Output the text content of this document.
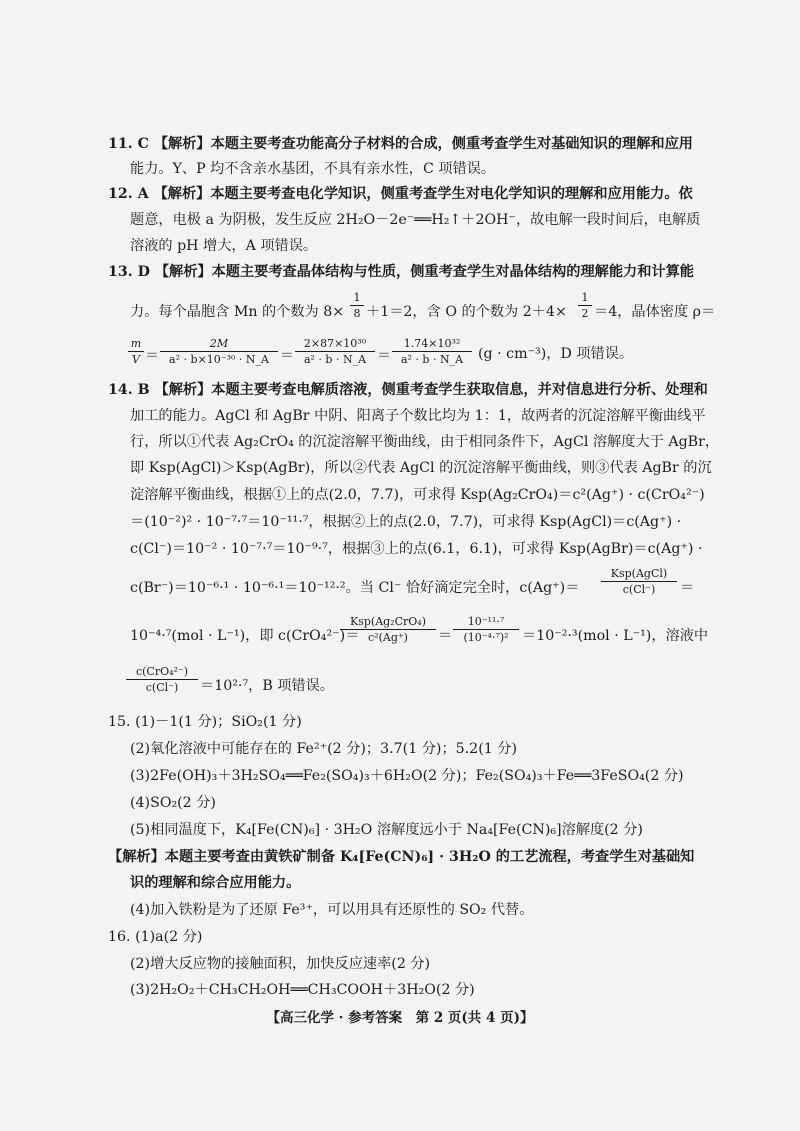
11. C 【解析】本题主要考查功能高分子材料的合成，侧重考查学生对基础知识的理解和应用
能力。Y、P 均不含亲水基团，不具有亲水性，C 项错误。
12. A 【解析】本题主要考查电化学知识，侧重考查学生对电化学知识的理解和应用能力。依
题意，电极 a 为阴极，发生反应 2H₂O－2e⁻══H₂↑＋2OH⁻，故电解一段时间后，电解质
溶液的 pH 增大，A 项错误。
13. D 【解析】本题主要考查晶体结构与性质，侧重考查学生对晶体结构的理解能力和计算能
力。每个晶胞含 Mn 的个数为 $8\times \frac{1}{8} +1=2$，含 O 的个数为 $2+4\times \frac{1}{2} =4$，晶体密度 ρ＝
$\frac{m}{V} = \frac{2M}{\text{a² · b×10⁻³⁰ · N\_A}} = \frac{\text{2×87×10³⁰}}{\text{a² · b · N\_A}} = \frac{\text{1.74×10³²}}{\text{a² · b · N\_A}} (g \cdot cm^{-3})$，D 项错误。
14. B 【解析】本题主要考查电解质溶液，侧重考查学生获取信息，并对信息进行分析、处理和
加工的能力。AgCl 和 AgBr 中阴、阳离子个数比均为 1：1，故两者的沉淀溶解平衡曲线平
行，所以①代表 Ag₂CrO₄ 的沉淀溶解平衡曲线，由于相同条件下，AgCl 溶解度大于 AgBr，
即 Ksp(AgCl)＞Ksp(AgBr)，所以②代表 AgCl 的沉淀溶解平衡曲线，则③代表 AgBr 的沉
淀溶解平衡曲线，根据①上的点(2.0，7.7)，可求得 Ksp(Ag₂CrO₄)＝c²(Ag⁺) · c(CrO₄²⁻)
＝(10⁻²)² · 10⁻⁷·⁷＝10⁻¹¹·⁷，根据②上的点(2.0，7.7)，可求得 Ksp(AgCl)＝c(Ag⁺) ·
c(Cl⁻)＝10⁻² · 10⁻⁷·⁷＝10⁻⁹·⁷，根据③上的点(6.1，6.1)，可求得 Ksp(AgBr)＝c(Ag⁺) ·
c(Br⁻)＝10⁻⁶·¹ · 10⁻⁶·¹＝10⁻¹²·²。当 Cl⁻ 恰好滴定完全时，c(Ag⁺)＝
Ksp(AgCl)
c(Cl⁻)	＝
10⁻⁴·⁷(mol · L⁻¹)，即 c(CrO₄²⁻)＝
Ksp(Ag₂CrO₄)
c²(Ag⁺)	＝ $\frac{\text{10⁻¹¹·⁷}}{\text{(10⁻⁴·⁷)²}} =10^{-2}\cdot^3(mol \cdot L^{-1})$，溶液中
c(CrO₄²⁻)
c(Cl⁻)	＝10²·⁷，B 项错误。
15. (1)－1(1 分)；SiO₂(1 分)
(2)氧化溶液中可能存在的 Fe²⁺(2 分)；3.7(1 分)；5.2(1 分)
(3)2Fe(OH)₃＋3H₂SO₄══Fe₂(SO₄)₃＋6H₂O(2 分)；Fe₂(SO₄)₃＋Fe══3FeSO₄(2 分)
(4)SO₂(2 分)
(5)相同温度下，K₄[Fe(CN)₆] · 3H₂O 溶解度远小于 Na₄[Fe(CN)₆]溶解度(2 分)
【解析】本题主要考查由黄铁矿制备 K₄[Fe(CN)₆] · 3H₂O 的工艺流程，考查学生对基础知
识的理解和综合应用能力。
(4)加入铁粉是为了还原 Fe³⁺，可以用具有还原性的 SO₂ 代替。
16. (1)a(2 分)
(2)增大反应物的接触面积，加快反应速率(2 分)
(3)2H₂O₂＋CH₃CH₂OH══CH₃COOH＋3H₂O(2 分)
【高三化学 · 参考答案　第 2 页(共 4 页)】
